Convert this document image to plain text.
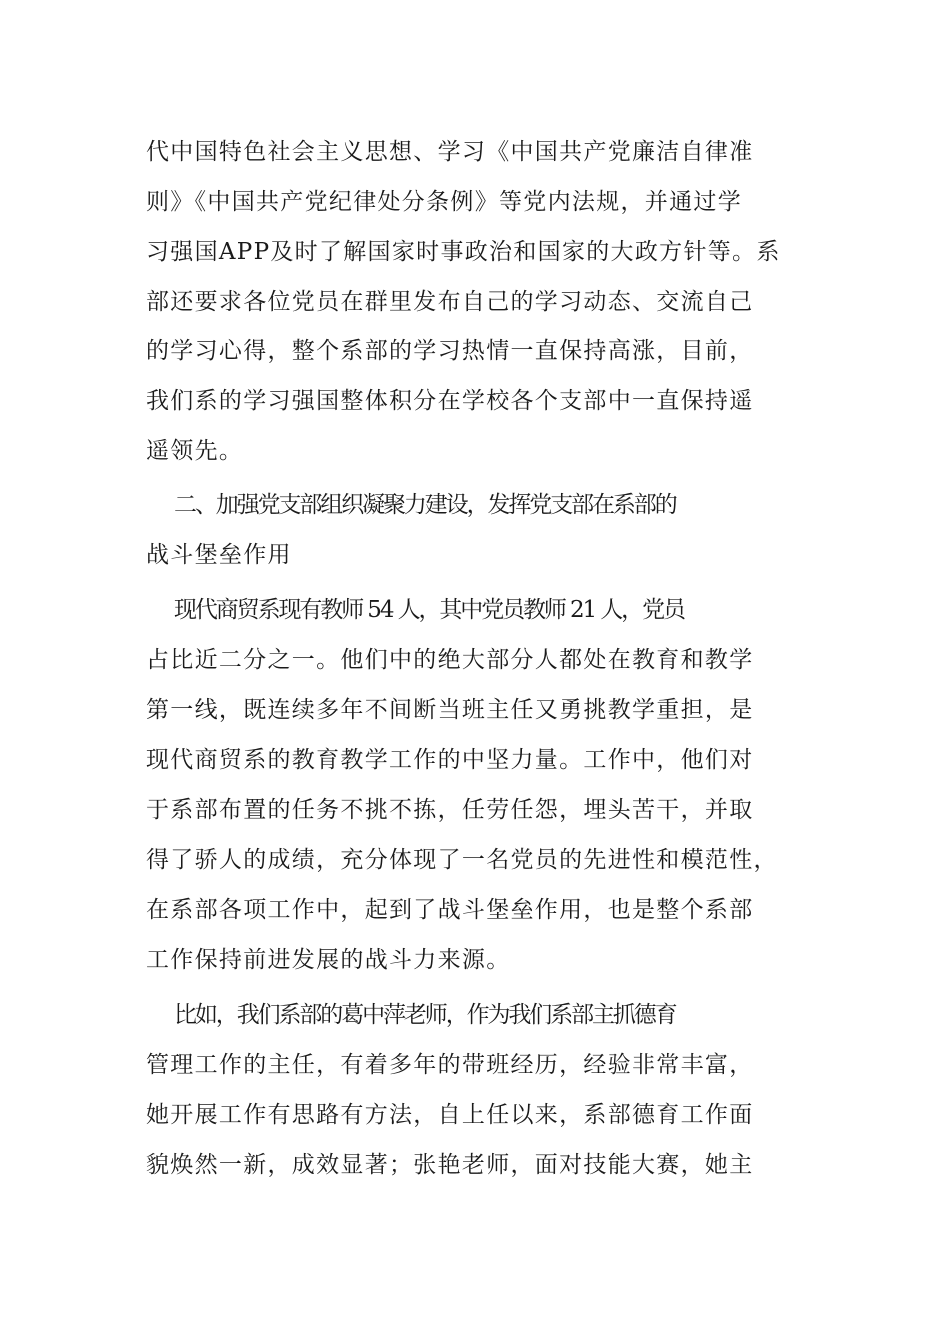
代中国特色社会主义思想、学习《中国共产党廉洁自律准
则》《中国共产党纪律处分条例》等党内法规，并通过学
习强国APP及时了解国家时事政治和国家的大政方针等。系
部还要求各位党员在群里发布自己的学习动态、交流自己
的学习心得，整个系部的学习热情一直保持高涨，目前，
我们系的学习强国整体积分在学校各个支部中一直保持遥
遥领先。
二、加强党支部组织凝聚力建设，发挥党支部在系部的
战斗堡垒作用
现代商贸系现有教师 54 人，其中党员教师 21 人，党员
占比近二分之一。他们中的绝大部分人都处在教育和教学
第一线，既连续多年不间断当班主任又勇挑教学重担，是
现代商贸系的教育教学工作的中坚力量。工作中，他们对
于系部布置的任务不挑不拣，任劳任怨，埋头苦干，并取
得了骄人的成绩，充分体现了一名党员的先进性和模范性，
在系部各项工作中，起到了战斗堡垒作用，也是整个系部
工作保持前进发展的战斗力来源。
比如，我们系部的葛中萍老师，作为我们系部主抓德育
管理工作的主任，有着多年的带班经历，经验非常丰富，
她开展工作有思路有方法，自上任以来，系部德育工作面
貌焕然一新，成效显著；张艳老师，面对技能大赛，她主
